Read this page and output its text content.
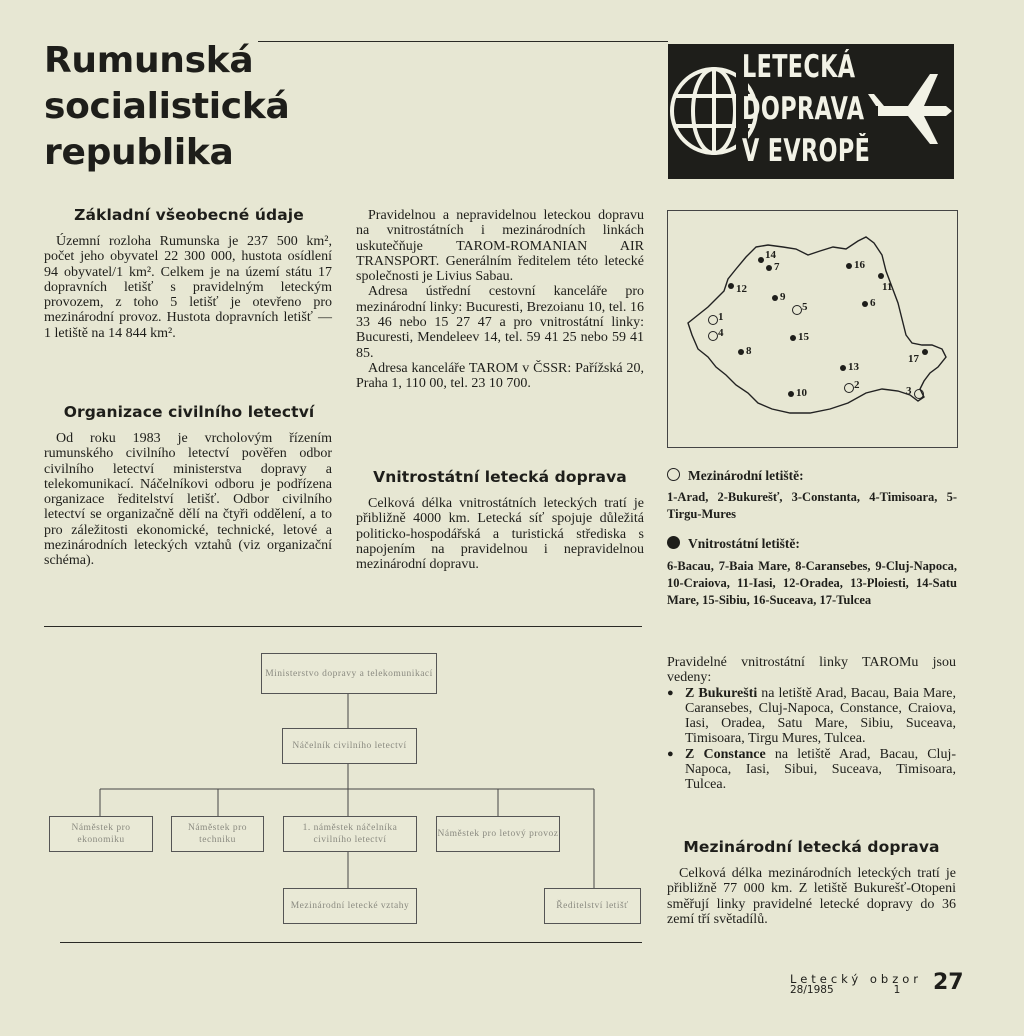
Rumunská
socialistická
republika
LETECKÁ
DOPRAVA
V EVROPĚ
Základní všeobecné údaje

Územní rozloha Rumunska je 237 500 km², počet jeho obyvatel 22 300 000, hustota osídlení 94 obyvatel/1 km². Celkem je na území státu 17 dopravních letišť s pravidelným leteckým provozem, z toho 5 letišť je otevřeno pro mezinárodní provoz. Hustota dopravních letišť — 1 letiště na 14 844 km².

Organizace civilního letectví

Od roku 1983 je vrcholovým řízením rumunského civilního letectví pověřen odbor civilního letectví ministerstva dopravy a telekomunikací. Náčelníkovi odboru je podřízena organizace ředitelství letišť. Odbor civilního letectví se organizačně dělí na čtyři oddělení, a to pro záležitosti ekonomické, technické, letové a mezinárodních leteckých vztahů (viz organizační schéma).

Pravidelnou a nepravidelnou leteckou dopravu na vnitrostátních i mezinárodních linkách uskutečňuje TAROM-ROMANIAN AIR TRANSPORT. Generálním ředitelem této letecké společnosti je Livius Sabau.

Adresa ústřední cestovní kanceláře pro mezinárodní linky: Bucuresti, Brezoianu 10, tel. 16 33 46 nebo 15 27 47 a pro vnitrostátní linky: Bucuresti, Mendeleev 14, tel. 59 41 25 nebo 59 41 85.

Adresa kanceláře TAROM v ČSSR: Pařížská 20, Praha 1, 110 00, tel. 23 10 700.

Vnitrostátní letecká doprava

Celková délka vnitrostátních leteckých tratí je přibližně 4000 km. Letecká síť spojuje důležitá politicko-hospodářská a turistická střediska s napojením na pravidelnou i nepravidelnou mezinárodní dopravu.

1
2	3
4
5	6
7
8
9
10
11
12
13
14
15
16
17
Mezinárodní letiště:
1-Arad, 2-Bukurešť, 3-Constanta, 4-Timisoara, 5-Tirgu-Mures
Vnitrostátní letiště:
6-Bacau, 7-Baia Mare, 8-Caransebes, 9-Cluj-Napoca, 10-Craiova, 11-Iasi, 12-Oradea, 13-Ploiesti, 14-Satu Mare, 15-Sibiu, 16-Suceava, 17-Tulcea
Pravidelné vnitrostátní linky TAROMu jsou vedeny:
● Z Bukurešti na letiště Arad, Bacau, Baia Mare, Caransebes, Cluj-Napoca, Constance, Craiova, Iasi, Oradea, Satu Mare, Sibiu, Suceava, Timisoara, Tirgu Mures, Tulcea.
● Z Constance na letiště Arad, Bacau, Cluj-Napoca, Iasi, Sibui, Suceava, Timisoara, Tulcea.
Mezinárodní letecká doprava

Celková délka mezinárodních leteckých tratí je přibližně 77 000 km. Z letiště Bukurešť-Otopeni směřují linky pravidelné letecké dopravy do 36 zemí tří světadílů.

Ministerstvo dopravy a telekomunikací
Náčelník civilního letectví
Náměstek pro ekonomiku
Náměstek pro techniku
1. náměstek náčelníka civilního letectví
Náměstek pro letový provoz
Mezinárodní letecké vztahy	Ředitelství letišť
Letecký obzor
28/1985	1 27
